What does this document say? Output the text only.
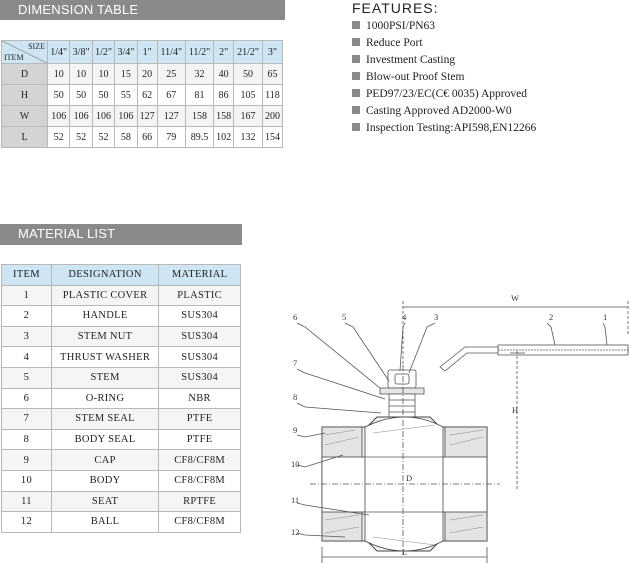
DIMENSION TABLE
SIZE
ITEM	1/4"	3/8"	1/2"	3/4"	1"	11/4"	11/2"	2"	21/2"	3"
D	10	10	10	15	20	25	32	40	50	65
H	50	50	50	55	62	67	81	86	105	118
W	106	106	106	106	127	127	158	158	167	200
L	52	52	52	58	66	79	89.5	102	132	154
FEATURES:
1000PSI/PN63
Reduce Port
Investment Casting
Blow-out Proof Stem
PED97/23/EC(C€ 0035) Approved
Casting Approved AD2000-W0
Inspection Testing:API598,EN12266
MATERIAL LIST
ITEM	DESIGNATION	MATERIAL
1	PLASTIC COVER	PLASTIC
2	HANDLE	SUS304
3	STEM NUT	SUS304
4	THRUST WASHER	SUS304
5	STEM	SUS304
6	O-RING	NBR
7	STEM SEAL	PTFE
8	BODY SEAL	PTFE
9	CAP	CF8/CF8M
10	BODY	CF8/CF8M
11	SEAT	RPTFE
12	BALL	CF8/CF8M
6	5	4	3	2	1
7
8
9
10
11
12
W
H
L
D
